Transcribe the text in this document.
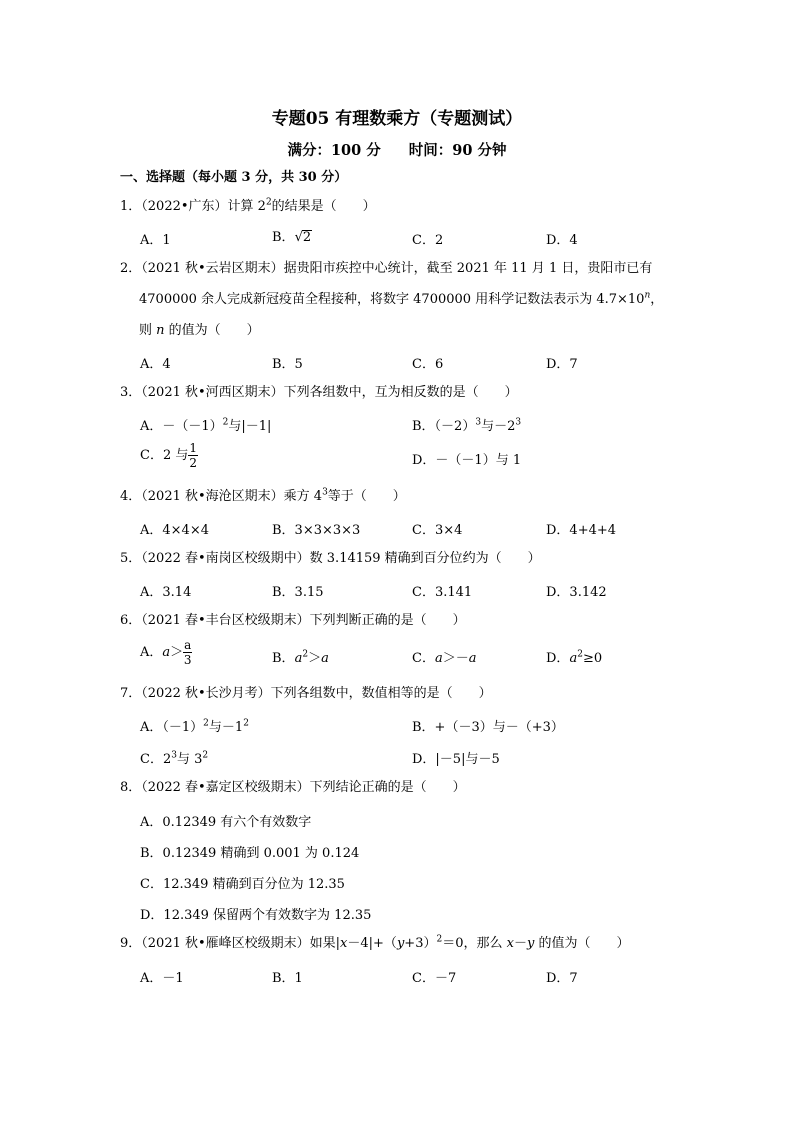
专题05 有理数乘方（专题测试）
满分：100 分 时间：90 分钟
一、选择题（每小题 3 分，共 30 分）
1．（2022•广东）计算 $2^2$的结果是（　　）
A．1	B．√2	C．2	D．4
2．（2021 秋•云岩区期末）据贵阳市疾控中心统计，截至 2021 年 11 月 1 日，贵阳市已有
4700000 余人完成新冠疫苗全程接种，将数字 4700000 用科学记数法表示为 $4.7\times 10^n$，
则 n 的值为（　　）
A．4	B．5	C．6	D．7
3．（2021 秋•河西区期末）下列各组数中，互为相反数的是（　　）
A．$-(-1)^2$与|－1|	B．$(-2)^3$与$-2^3$
C．2 与 $\frac{1}{2}$	D．－（－1）与 1
4．（2021 秋•海沧区期末）乘方 $4^3$等于（　　）
A．4×4×4	B．3×3×3×3	C．3×4	D．4+4+4
5．（2022 春•南岗区校级期中）数 3.14159 精确到百分位约为（　　）
A．3.14	B．3.15	C．3.141	D．3.142
6．（2021 春•丰台区校级期末）下列判断正确的是（　　）
A．$a> \frac{a}{3}$	B．$a^2>a$	C．a＞－a	D．$a^2\ge 0$
7．（2022 秋•长沙月考）下列各组数中，数值相等的是（　　）
A．$(-1)^2$与$-1^2$	B．+（－3）与－（+3）
C．$2^3$与 $3^2$	D．|－5|与－5
8．（2022 春•嘉定区校级期末）下列结论正确的是（　　）
A．0.12349 有六个有效数字
B．0.12349 精确到 0.001 为 0.124
C．12.349 精确到百分位为 12.35
D．12.349 保留两个有效数字为 12.35
9．（2021 秋•雁峰区校级期末）如果$|x-4|+(y+3)^2=0$，那么 x－y 的值为（　　）
A．－1	B．1	C．－7	D．7
